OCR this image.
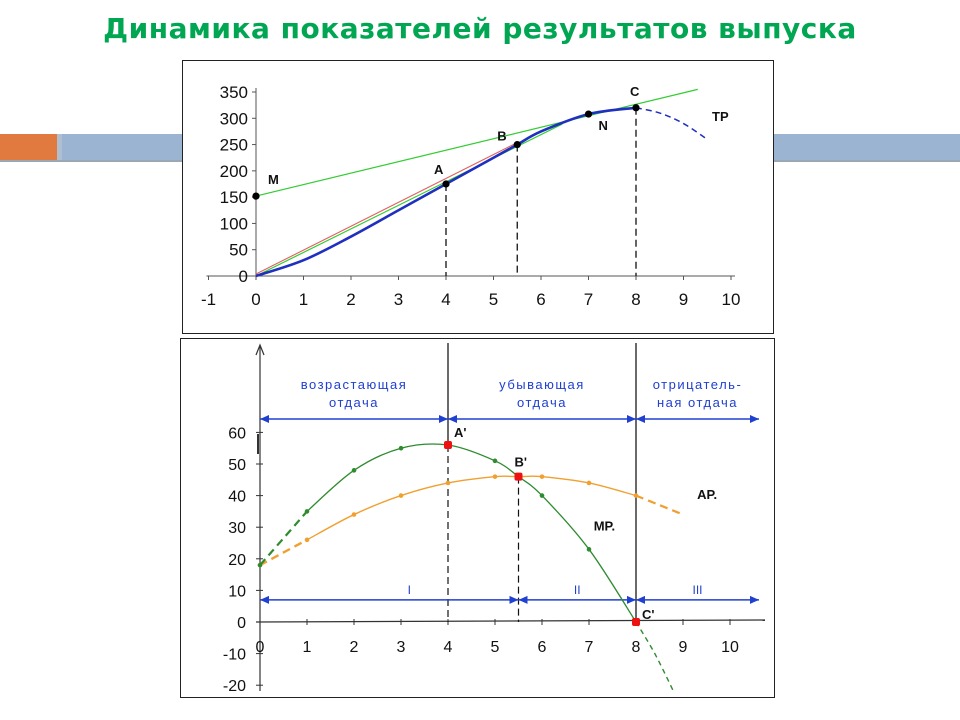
Динамика показателей результатов выпуска
0
50
100
150
200
250
300
350
-1 0 1 2 3 4 5 6 7 8 9 10
M
A
B
N
C
TP
60
50
40
30
20
10
0
-10
-20
0 1 2 3 4 5 6 7 8 9 10
возрастающая
отдача
убывающая
отдача
отрицатель-
ная отдача
I	II	III
A'
B'
C'
AP.
MP.
